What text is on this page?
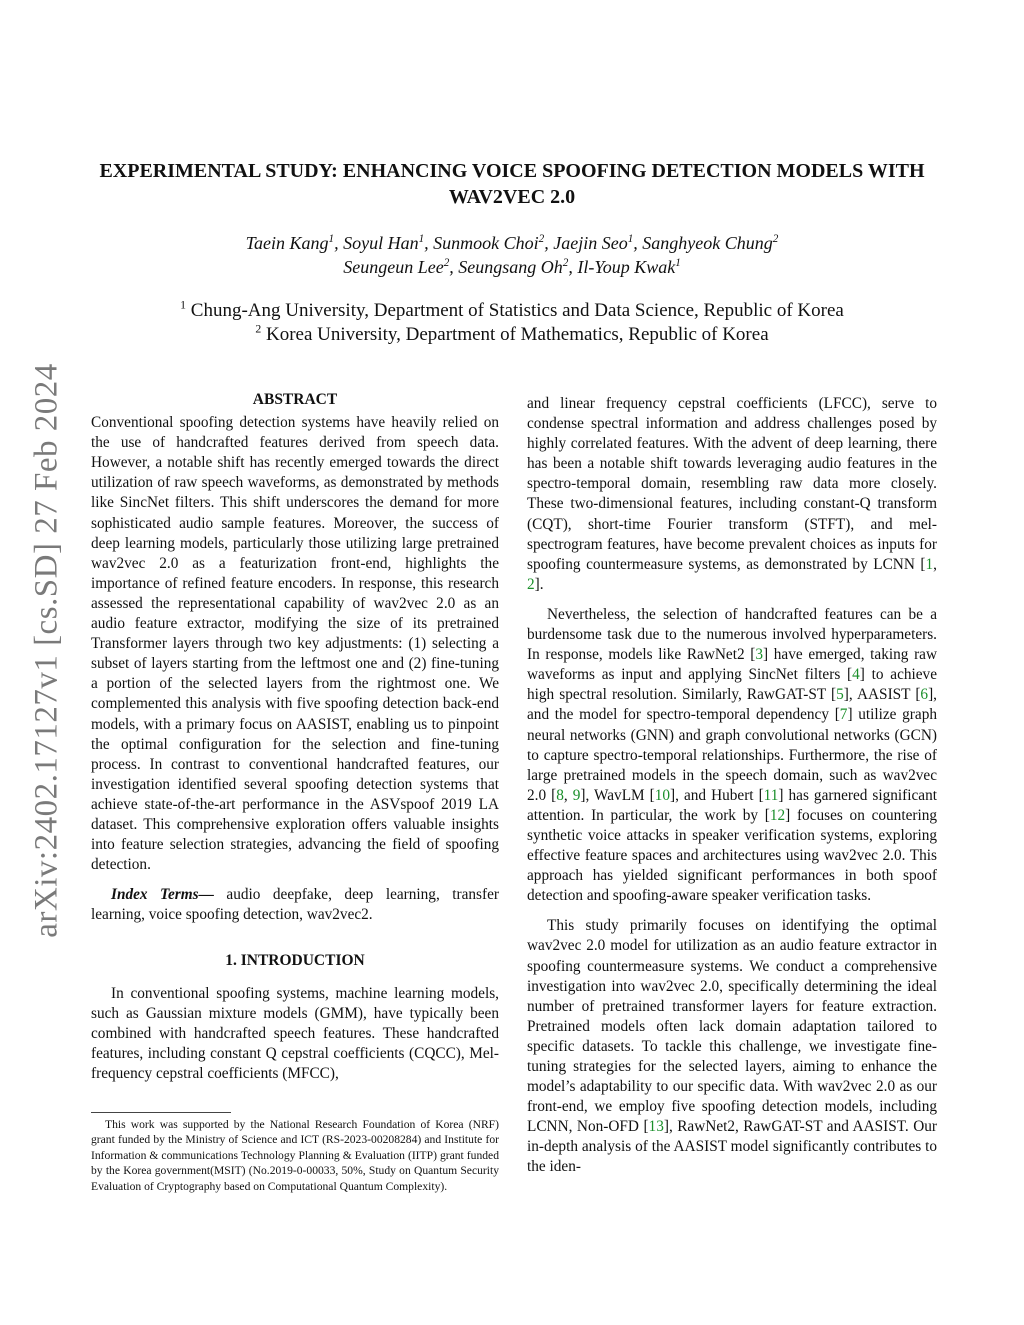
arXiv:2402.17127v1 [cs.SD] 27 Feb 2024
EXPERIMENTAL STUDY: ENHANCING VOICE SPOOFING DETECTION MODELS WITH
WAV2VEC 2.0
Taein Kang$^1$, Soyul Han$^1$, Sunmook Choi$^2$, Jaejin Seo$^1$, Sanghyeok Chung$^2$
Seungeun Lee$^2$, Seungsang Oh$^2$, Il-Youp Kwak$^1$
$^1$ Chung-Ang University, Department of Statistics and Data Science, Republic of Korea
$^2$ Korea University, Department of Mathematics, Republic of Korea
ABSTRACT

Conventional spoofing detection systems have heavily relied on the use of handcrafted features derived from speech data. However, a notable shift has recently emerged towards the direct utilization of raw speech waveforms, as demonstrated by methods like SincNet filters. This shift underscores the demand for more sophisticated audio sample features. Moreover, the success of deep learning models, particularly those utilizing large pretrained wav2vec 2.0 as a featurization front-end, highlights the importance of refined feature encoders. In response, this research assessed the representational capability of wav2vec 2.0 as an audio feature extractor, modifying the size of its pretrained Transformer layers through two key adjustments: (1) selecting a subset of layers starting from the leftmost one and (2) fine-tuning a portion of the selected layers from the rightmost one. We complemented this analysis with five spoofing detection back-end models, with a primary focus on AASIST, enabling us to pinpoint the optimal configuration for the selection and fine-tuning process. In contrast to conventional handcrafted features, our investigation identified several spoofing detection systems that achieve state-of-the-art performance in the ASVspoof 2019 LA dataset. This comprehensive exploration offers valuable insights into feature selection strategies, advancing the field of spoofing detection.

Index Terms— audio deepfake, deep learning, transfer learning, voice spoofing detection, wav2vec2.

1. INTRODUCTION

In conventional spoofing systems, machine learning models, such as Gaussian mixture models (GMM), have typically been combined with handcrafted speech features. These handcrafted features, including constant Q cepstral coefficients (CQCC), Mel-frequency cepstral coefficients (MFCC),

and linear frequency cepstral coefficients (LFCC), serve to condense spectral information and address challenges posed by highly correlated features. With the advent of deep learning, there has been a notable shift towards leveraging audio features in the spectro-temporal domain, resembling raw data more closely. These two-dimensional features, including constant-Q transform (CQT), short-time Fourier transform (STFT), and mel-spectrogram features, have become prevalent choices as inputs for spoofing countermeasure systems, as demonstrated by LCNN [1, 2].

Nevertheless, the selection of handcrafted features can be a burdensome task due to the numerous involved hyperparameters. In response, models like RawNet2 [3] have emerged, taking raw waveforms as input and applying SincNet filters [4] to achieve high spectral resolution. Similarly, RawGAT-ST [5], AASIST [6], and the model for spectro-temporal dependency [7] utilize graph neural networks (GNN) and graph convolutional networks (GCN) to capture spectro-temporal relationships. Furthermore, the rise of large pretrained models in the speech domain, such as wav2vec 2.0 [8, 9], WavLM [10], and Hubert [11] has garnered significant attention. In particular, the work by [12] focuses on countering synthetic voice attacks in speaker verification systems, exploring effective feature spaces and architectures using wav2vec 2.0. This approach has yielded significant performances in both spoof detection and spoofing-aware speaker verification tasks.

This study primarily focuses on identifying the optimal wav2vec 2.0 model for utilization as an audio feature extractor in spoofing countermeasure systems. We conduct a comprehensive investigation into wav2vec 2.0, specifically determining the ideal number of pretrained transformer layers for feature extraction. Pretrained models often lack domain adaptation tailored to specific datasets. To tackle this challenge, we investigate fine-tuning strategies for the selected layers, aiming to enhance the model’s adaptability to our specific data. With wav2vec 2.0 as our front-end, we employ five spoofing detection models, including LCNN, Non-OFD [13], RawNet2, RawGAT-ST and AASIST. Our in-depth analysis of the AASIST model significantly contributes to the iden-

This work was supported by the National Research Foundation of Korea (NRF) grant funded by the Ministry of Science and ICT (RS-2023-00208284) and Institute for Information & communications Technology Planning & Evaluation (IITP) grant funded by the Korea government(MSIT) (No.2019-0-00033, 50%, Study on Quantum Security Evaluation of Cryptography based on Computational Quantum Complexity).
